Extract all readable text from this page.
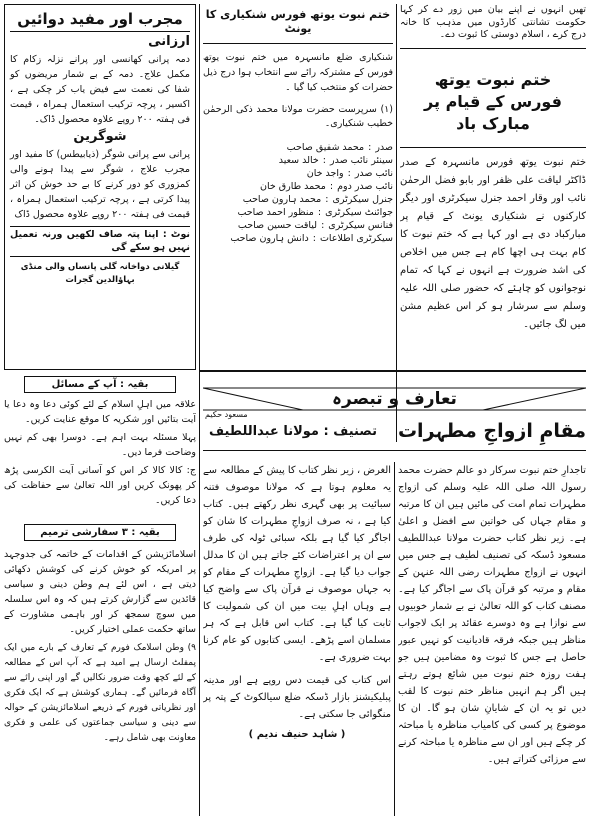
تھیں انہوں نے اپنے بیان میں زور دے کر کہا حکومت تشانتی کارڈوں میں مذہب کا خانہ درج کرے ، اسلام دوستی کا ثبوت دے۔

ختم نبوت یوتھ فورس کے قیام پر مبارک باد

ختم نبوت یوتھ فورس مانسہرہ کے صدر ڈاکٹر لیاقت علی ظفر اور بابو فضل الرحمٰن نائب اور وقار احمد جنرل سیکرٹری اور دیگر کارکنوں نے شنکیاری یونٹ کے قیام پر مبارکباد دی ہے اور کہا ہے کہ ختم نبوت کا کام بہت ہی اچھا کام ہے جس میں اخلاص کی اشد ضرورت ہے انہوں نے کہا کہ تمام نوجوانوں کو چاہئے کہ حضور صلی اللہ علیہ وسلم سے سرشار ہو کر اس عظیم مشن میں لگ جائیں۔

ختم نبوت یوتھ فورس شنکیاری کا یونٹ

شنکیاری ضلع مانسہرہ میں ختم نبوت یوتھ فورس کے مشترکہ رائے سے انتخاب ہوا درج ذیل حضرات کو منتخب کیا گیا ۔

(۱) سرپرست حضرت مولانا محمد ذکی الرحمٰن خطیب شنکیاری۔

صدر
:
محمد شفیق صاحب
سینئر نائب صدر
:
خالد سعید
نائب صدر
:
واجد خان
نائب صدر دوم
:
محمد طارق خان
جنرل سیکرٹری
:
محمد ہارون صاحب
جوائنٹ سیکرٹری
:
منظور احمد صاحب
فنانس سیکرٹری
:
لیاقت حسین صاحب
سیکرٹری اطلاعات
:
دانش ہارون صاحب

مجرب اور مفید دوائیں

ارزانی

دمہ پرانی کھانسی اور پرانے نزلہ زکام کا مکمل علاج۔ دمہ کے بے شمار مریضوں کو شفا کی نعمت سے فیض یاب کر چکی ہے ، اکسیر ، پرچہ ترکیب استعمال ہمراہ ، قیمت فی ہفتہ ۲۰۰ روپے علاوہ محصول ڈاک۔

شوگرین

پرانی سے پرانی شوگر (ذیابیطس) کا مفید اور مجرب علاج ، شوگر سے پیدا ہونے والی کمزوری کو دور کرنے کا بے حد خوش کن اثر پیدا کرتی ہے ، پرچہ ترکیب استعمال ہمراہ ، قیمت فی ہفتہ ۲۰۰ روپے علاوہ محصول ڈاک

نوٹ : اپنا پتہ صاف لکھیں ورنہ تعمیل نہیں ہو سکے گی

گیلانی دواخانہ گلی پانساں والی منڈی بہاؤالدین گجرات

بقیہ : آپ کے مسائل

علاقہ میں اہلِ اسلام کے لئے کوئی دعا وہ دعا یا آیت بتائیں اور شکریہ کا موقع عنایت کریں۔

پہلا مسئلہ بہت اہم ہے۔ دوسرا بھی کم نہیں وضاحت فرما دیں۔

ج: کالا کالا کر اس کو آسانی آیت الکرسی پڑھ کر پھونک کریں اور اللہ تعالیٰ سے حفاظت کی دعا کریں۔

بقیہ : ۳ سفارشی ترمیم

اسلامائزیشن کے اقدامات کے خاتمہ کی جدوجہد پر امریکہ کو خوش کرنے کی کوشش دکھائی دیتی ہے ، اس لئے ہم وطن دینی و سیاسی قائدین سے گزارش کرتے ہیں کہ وہ اس سلسلہ میں سوچ سمجھ کر اور باہمی مشاورت کے ساتھ حکمت عملی اختیار کریں۔

۹) وطن اسلامک فورم کے تعارف کے بارے میں ایک پمفلٹ ارسال ہے امید ہے کہ آپ اس کے مطالعہ کے لئے کچھ وقت ضرور نکالیں گے اور اپنی رائے سے آگاہ فرمائیں گے۔ ہماری کوشش ہے کہ ایک فکری اور نظریاتی فورم کے ذریعے اسلامائزیشن کے حوالہ سے دینی و سیاسی جماعتوں کی علمی و فکری معاونت بھی شامل رہے۔

تعارف و تبصرہ
مسعود حکیم
مقامِ ازواجِ مطہرات
تصنیف : مولانا عبداللطیف

تاجدارِ ختم نبوت سرکار دو عالم حضرت محمد رسول اللہ صلی اللہ علیہ وسلم کی ازواج مطہرات تمام امت کی مائیں ہیں ان کا مرتبہ و مقام جہاں کی خواتین سے افضل و اعلیٰ ہے۔ زیر نظر کتاب حضرت مولانا عبداللطیف مسعود ڈسکہ کی تصنیف لطیف ہے جس میں انہوں نے ازواج مطہرات رضی اللہ عنہن کے مقام و مرتبہ کو قرآن پاک سے اجاگر کیا ہے۔ مصنف کتاب کو اللہ تعالیٰ نے بے شمار خوبیوں سے نوازا ہے وہ دوسرے عقائد پر ایک لاجواب مناظر ہیں جبکہ فرقہ قادیانیت کو نہیں عبور حاصل ہے جس کا ثبوت وہ مضامین ہیں جو ہفت روزہ ختم نبوت میں شائع ہوتے رہتے ہیں اگر ہم انہیں مناظر ختم نبوت کا لقب دیں تو یہ ان کے شایانِ شان ہو گا۔ ان کا موضوع پر کسی کی کامیاب مناظرہ یا مباحثہ کر چکے ہیں اور ان سے مناظرہ یا مباحثہ کرنے سے مرزائی کتراتے ہیں۔

الغرض ، زیر نظر کتاب کا پیش کے مطالعہ سے یہ معلوم ہوتا ہے کہ مولانا موصوف فتنہ سبائیت پر بھی گہری نظر رکھتے ہیں۔ کتاب کیا ہے ، نہ صرف ازواجِ مطہرات کا شان کو اجاگر کیا گیا ہے بلکہ سبائی ٹولہ کی طرف سے ان پر اعتراضات کئے جاتے ہیں ان کا مدلل جواب دیا گیا ہے۔ ازواجِ مطہرات کے مقام کو بہ جہاں موصوف نے قرآن پاک سے واضح کیا ہے وہاں اہلِ بیت میں ان کی شمولیت کا ثابت کیا گیا ہے۔ کتاب اس قابل ہے کہ ہر مسلمان اسے پڑھے۔ ایسی کتابوں کو عام کرنا بہت ضروری ہے۔

اس کتاب کی قیمت دس روپے ہے اور مدینہ پبلیکیشنز بازار ڈسکہ ضلع سیالکوٹ کے پتہ پر منگوائی جا سکتی ہے۔

( شاہد حنیف ندیم )
